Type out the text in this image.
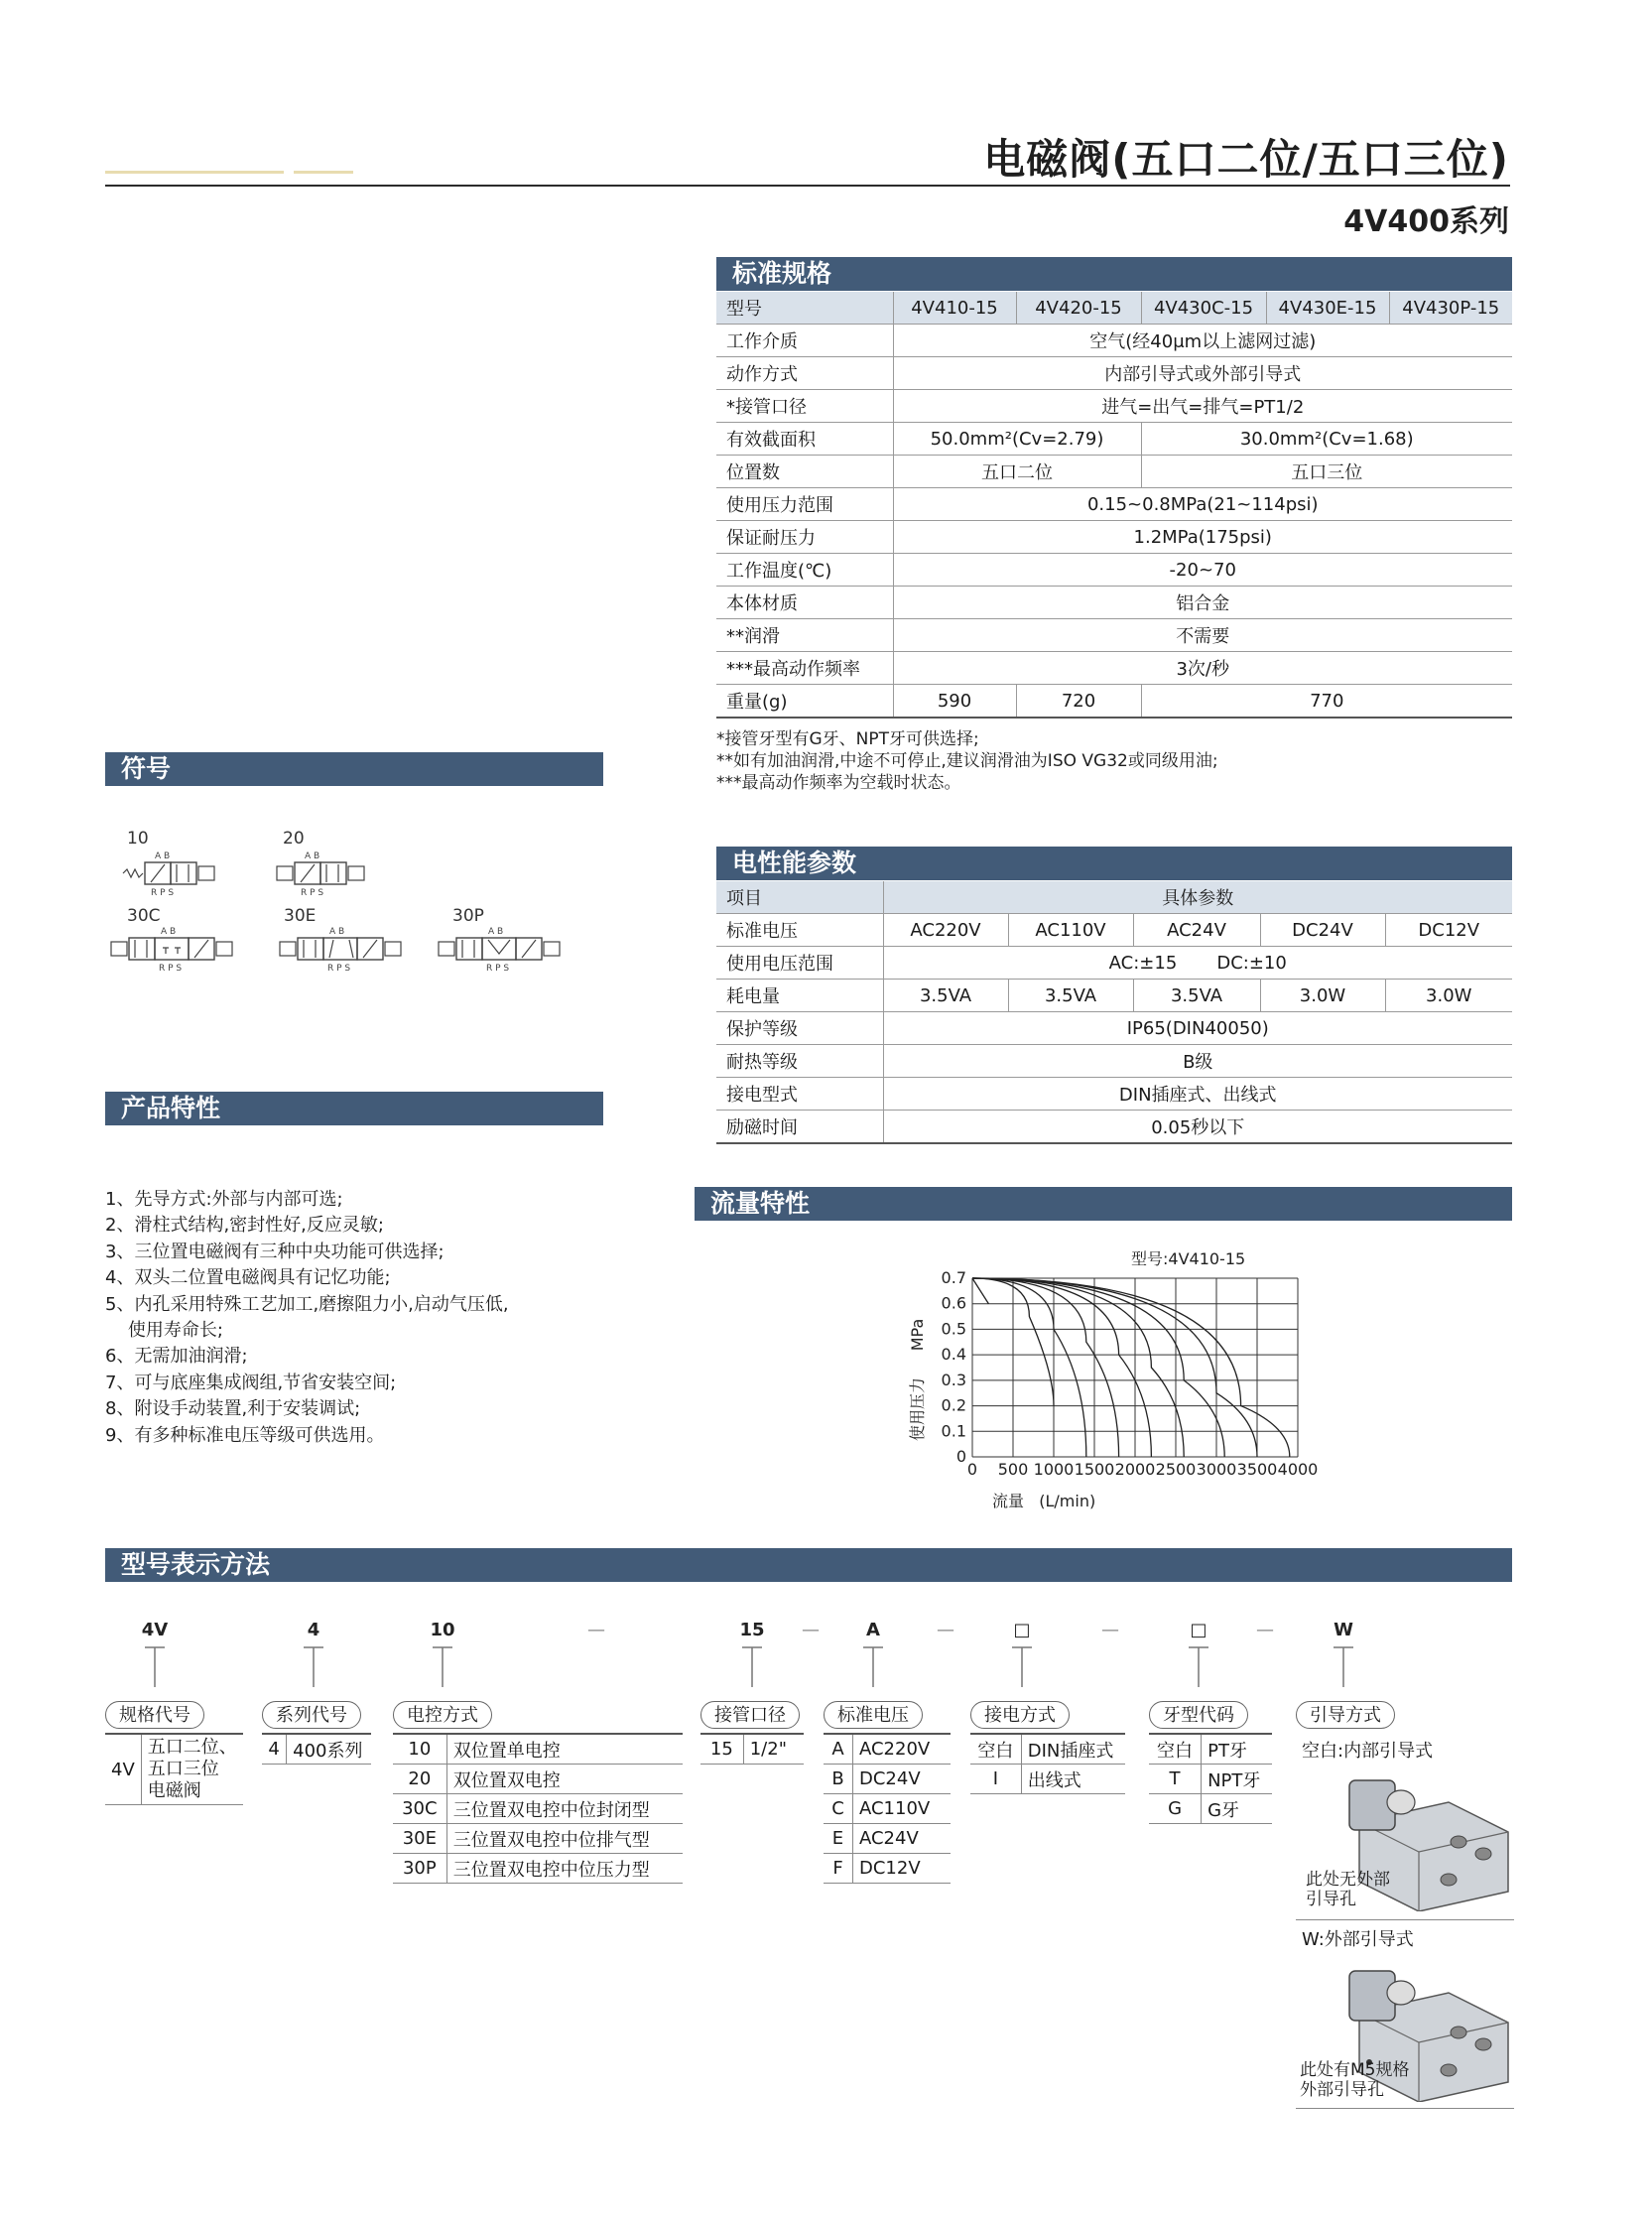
电磁阀(五口二位/五口三位)
4V400系列
标准规格
型号	4V410-15	4V420-15	4V430C-15	4V430E-15	4V430P-15
工作介质	空气(经40μm以上滤网过滤)				
动作方式	内部引导式或外部引导式				
*接管口径	进气=出气=排气=PT1/2				
有效截面积	50.0mm²(Cv=2.79)		30.0mm²(Cv=1.68)		
位置数	五口二位		五口三位		
使用压力范围	0.15~0.8MPa(21~114psi)				
保证耐压力	1.2MPa(175psi)				
工作温度(℃)	-20~70				
本体材质	铝合金				
**润滑	不需要				
***最高动作频率	3次/秒				
重量(g)	590	720	770		
*接管牙型有G牙、NPT牙可供选择;
**如有加油润滑,中途不可停止,建议润滑油为ISO VG32或同级用油;
***最高动作频率为空载时状态。
符号
10	20
30C	30E	30P
A B
R P S
A B
R P S
A B
R P S
A B
R P S
A B
R P S
产品特性
1、先导方式:外部与内部可选;
2、滑柱式结构,密封性好,反应灵敏;
3、三位置电磁阀有三种中央功能可供选择;
4、双头二位置电磁阀具有记忆功能;
5、内孔采用特殊工艺加工,磨擦阻力小,启动气压低,
使用寿命长;
6、无需加油润滑;
7、可与底座集成阀组,节省安装空间;
8、附设手动装置,利于安装调试;
9、有多种标准电压等级可供选用。
电性能参数
项目	具体参数				
标准电压	AC220V	AC110V	AC24V	DC24V	DC12V
使用电压范围	AC:±15       DC:±10				
耗电量	3.5VA	3.5VA	3.5VA	3.0W	3.0W
保护等级	IP65(DIN40050)				
耐热等级	B级				
接电型式	DIN插座式、出线式				
励磁时间	0.05秒以下				
流量特性
型号:4V410-15
0 500 1000 1500 2000 2500 3000 3500 4000
0
0.1
0.2
0.3
0.4
0.5
0.6
0.7
MPa
使用压力
流量   (L/min)
型号表示方法
4V	4	10	—	15	—	A	—	□	—	□	—	W
规格代号
4V	五口二位、
五口三位
电磁阀
系列代号
4	400系列
电控方式
10	双位置单电控
20	双位置双电控
30C	三位置双电控中位封闭型
30E	三位置双电控中位排气型
30P	三位置双电控中位压力型
接管口径
15	1/2"
标准电压
A	AC220V
B	DC24V
C	AC110V
E	AC24V
F	DC12V
接电方式
空白	DIN插座式
I	出线式
牙型代码
空白	PT牙
T	NPT牙
G	G牙
引导方式
空白:内部引导式
此处无外部
引导孔
W:外部引导式
此处有M5规格
外部引导孔
